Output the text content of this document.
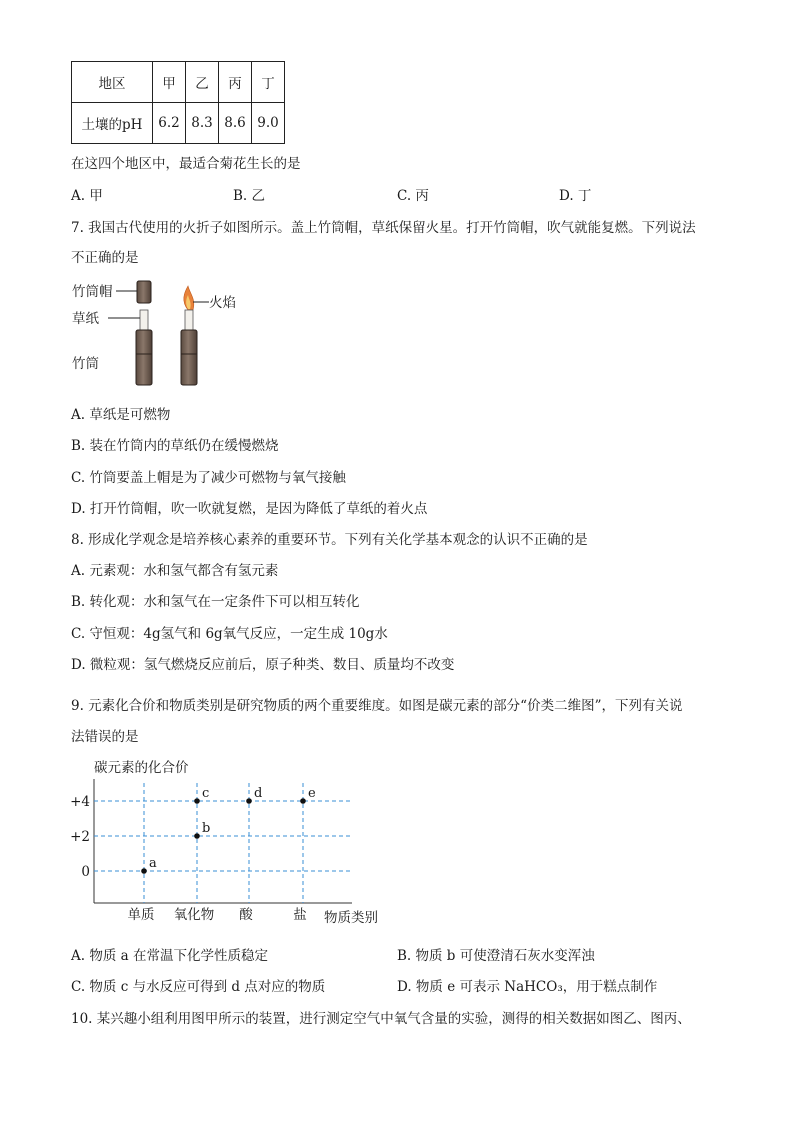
地区	甲	乙	丙	丁
土壤的pH	6.2	8.3	8.6	9.0
在这四个地区中，最适合菊花生长的是
A. 甲	B. 乙	C. 丙	D. 丁
7. 我国古代使用的火折子如图所示。盖上竹筒帽，草纸保留火星。打开竹筒帽，吹气就能复燃。下列说法
不正确的是
竹筒帽
草纸
竹筒
火焰
A. 草纸是可燃物
B. 装在竹筒内的草纸仍在缓慢燃烧
C. 竹筒要盖上帽是为了减少可燃物与氧气接触
D. 打开竹筒帽，吹一吹就复燃，是因为降低了草纸的着火点
8. 形成化学观念是培养核心素养的重要环节。下列有关化学基本观念的认识不正确的是
A. 元素观：水和氢气都含有氢元素
B. 转化观：水和氢气在一定条件下可以相互转化
C. 守恒观：4g氢气和 6g氧气反应，一定生成 10g水
D. 微粒观：氢气燃烧反应前后，原子种类、数目、质量均不改变
9. 元素化合价和物质类别是研究物质的两个重要维度。如图是碳元素的部分“价类二维图”，下列有关说
法错误的是
碳元素的化合价
物质类别
+4
+2
0
单质 氧化物 酸	盐
a
b
c	d	e
A. 物质 a 在常温下化学性质稳定	B. 物质 b 可使澄清石灰水变浑浊
C. 物质 c 与水反应可得到 d 点对应的物质	D. 物质 e 可表示 NaHCO₃，用于糕点制作
10. 某兴趣小组利用图甲所示的装置，进行测定空气中氧气含量的实验，测得的相关数据如图乙、图丙、
